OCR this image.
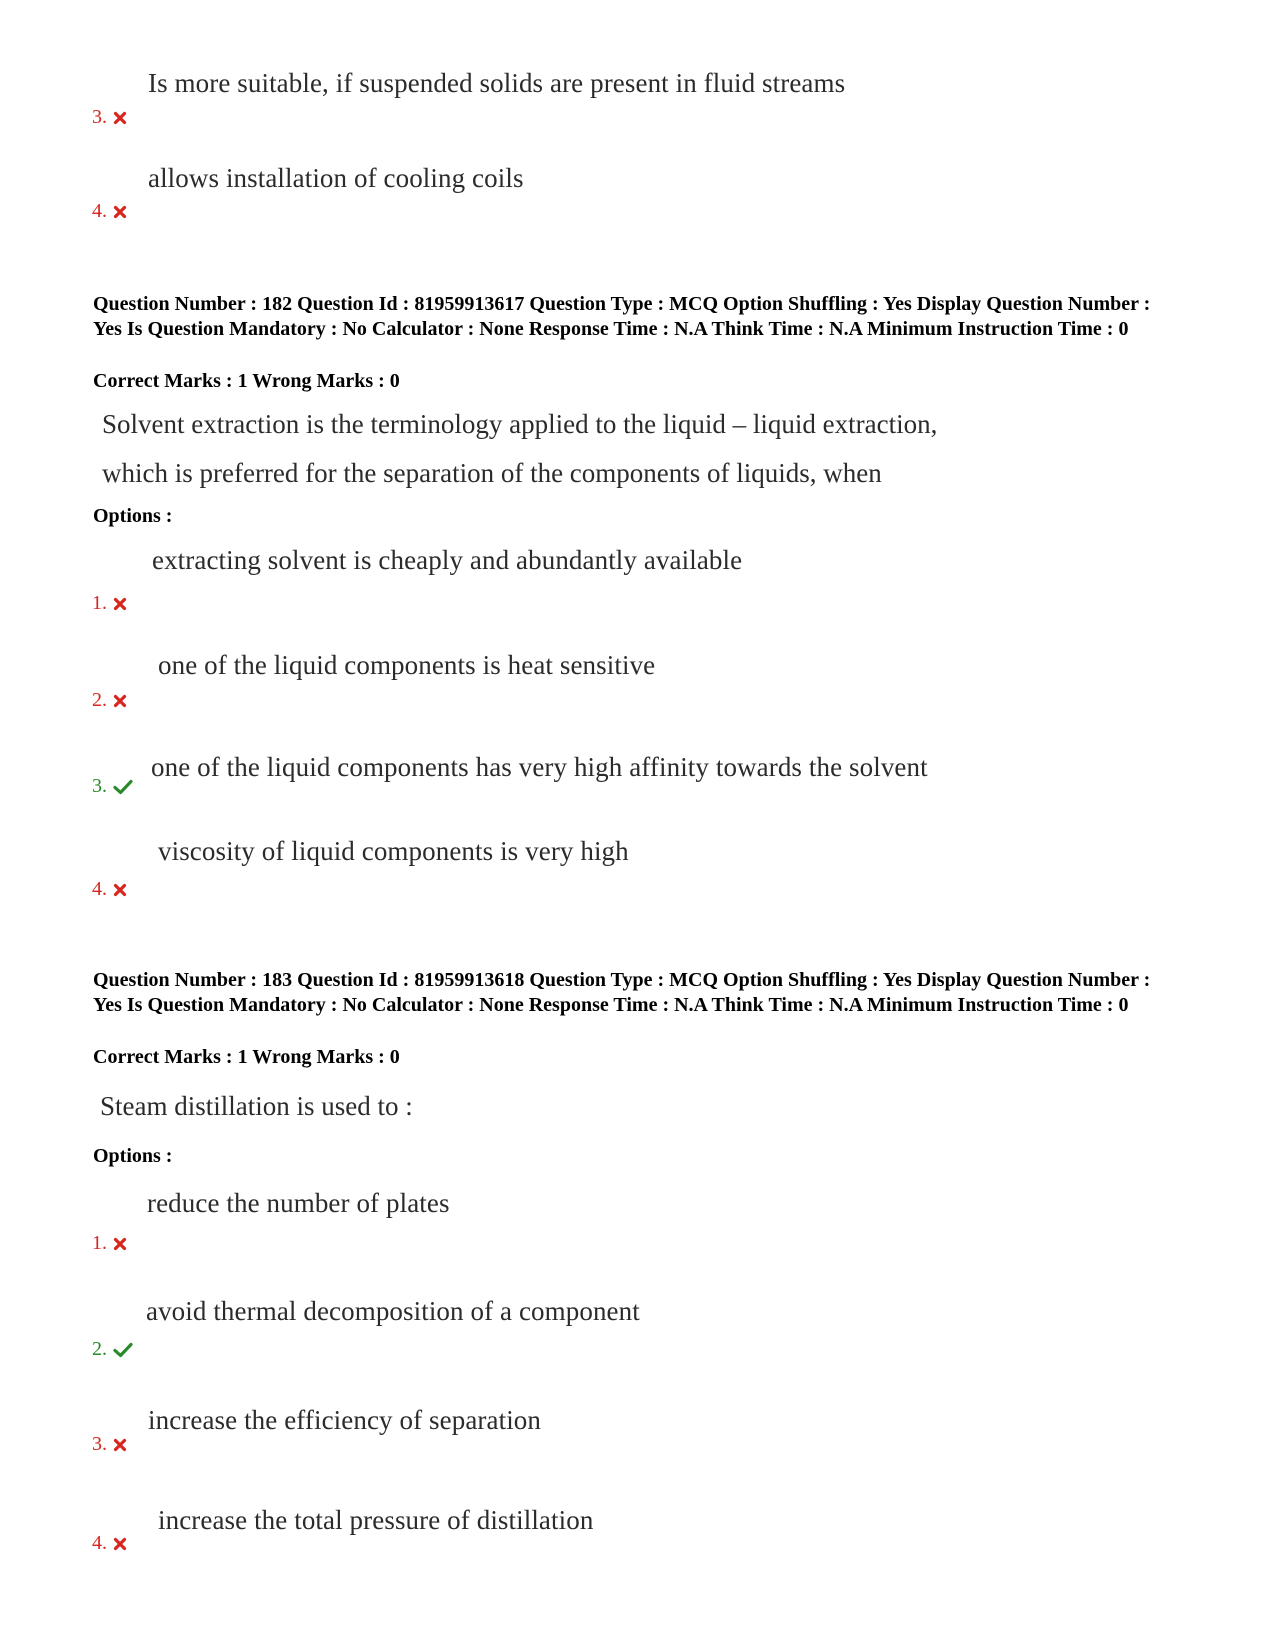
Is more suitable, if suspended solids are present in fluid streams
3.
allows installation of cooling coils
4.
Question Number : 182 Question Id : 81959913617 Question Type : MCQ Option Shuffling : Yes Display Question Number : Yes Is Question Mandatory : No Calculator : None Response Time : N.A Think Time : N.A Minimum Instruction Time : 0
Correct Marks : 1 Wrong Marks : 0
Solvent extraction is the terminology applied to the liquid – liquid extraction,
which is preferred for the separation of the components of liquids, when
Options :
extracting solvent is cheaply and abundantly available
1.
one of the liquid components is heat sensitive
2.
one of the liquid components has very high affinity towards the solvent
3.
viscosity of liquid components is very high
4.
Question Number : 183 Question Id : 81959913618 Question Type : MCQ Option Shuffling : Yes Display Question Number : Yes Is Question Mandatory : No Calculator : None Response Time : N.A Think Time : N.A Minimum Instruction Time : 0
Correct Marks : 1 Wrong Marks : 0
Steam distillation is used to :
Options :
reduce the number of plates
1.
avoid thermal decomposition of a component
2.
increase the efficiency of separation
3.
increase the total pressure of distillation
4.
